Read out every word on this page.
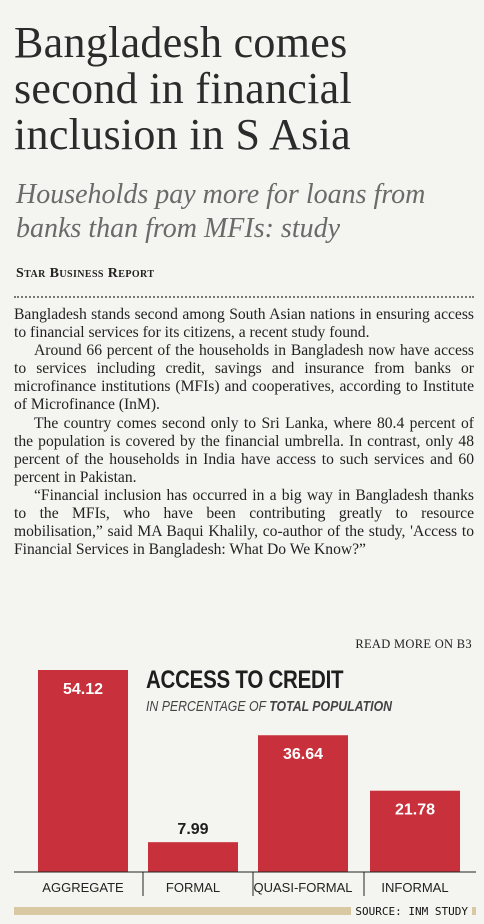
Bangladesh comes second in financial inclusion in S Asia
Households pay more for loans from banks than from MFIs: study
Star Business Report

Bangladesh stands second among South Asian nations in ensuring access to financial services for its citizens, a recent study found.

Around 66 percent of the households in Bangladesh now have access to services including credit, savings and insurance from banks or microfinance institutions (MFIs) and cooperatives, according to Institute of Microfinance (InM).

The country comes second only to Sri Lanka, where 80.4 percent of the population is covered by the financial umbrella. In contrast, only 48 percent of the households in India have access to such services and 60 percent in Pakistan.

“Financial inclusion has occurred in a big way in Bangladesh thanks to the MFIs, who have been contributing greatly to resource mobilisation,” said MA Baqui Khalily, co-author of the study, 'Access to Financial Services in Bangladesh: What Do We Know?”

READ MORE ON B3
54.12
AGGREGATE
7.99
FORMAL
36.64
QUASI-FORMAL
21.78
INFORMAL
ACCESS TO CREDIT
IN PERCENTAGE OF TOTAL POPULATION
SOURCE: INM STUDY
